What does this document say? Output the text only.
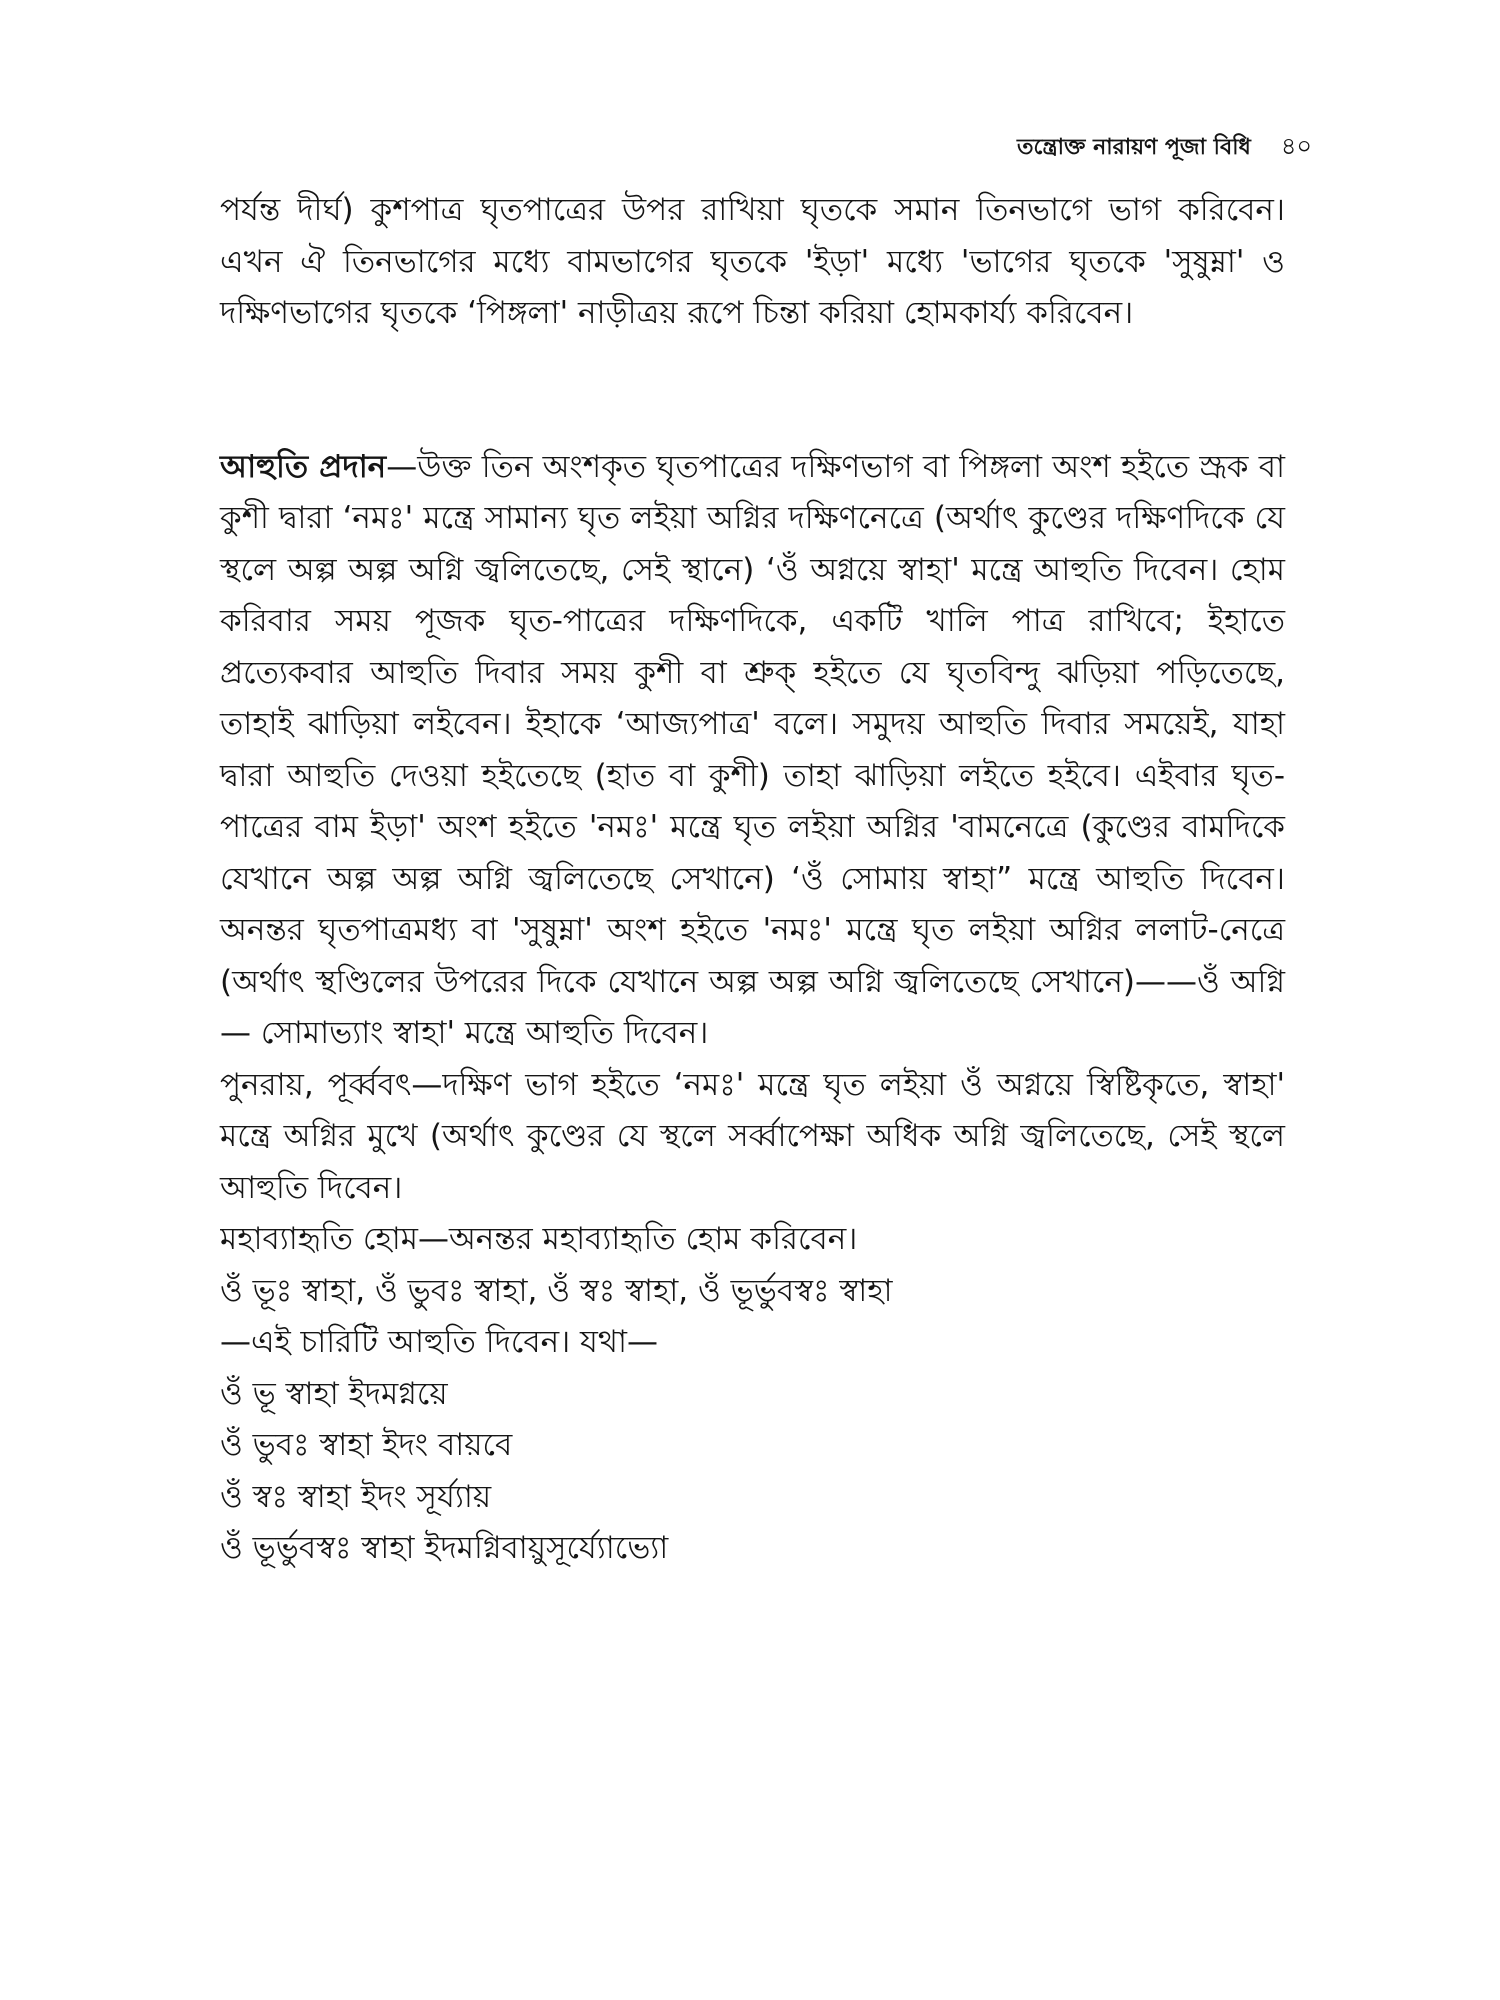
তন্ত্রোক্ত নারায়ণ পূজা বিধি ৪০

পর্যন্ত দীর্ঘ) কুশপাত্র ঘৃতপাত্রের উপর রাখিয়া ঘৃতকে সমান তিনভাগে ভাগ করিবেন। এখন ঐ তিনভাগের মধ্যে বামভাগের ঘৃতকে 'ইড়া' মধ্যে 'ভাগের ঘৃতকে 'সুষুম্না' ও দক্ষিণভাগের ঘৃতকে ‘পিঙ্গলা' নাড়ীত্রয় রূপে চিন্তা করিয়া হোমকার্য্য করিবেন।

আহুতি প্রদান—উক্ত তিন অংশকৃত ঘৃতপাত্রের দক্ষিণভাগ বা পিঙ্গলা অংশ হইতে স্রূক বা কুশী দ্বারা ‘নমঃ' মন্ত্রে সামান্য ঘৃত লইয়া অগ্নির দক্ষিণনেত্রে (অর্থাৎ কুণ্ডের দক্ষিণদিকে যে স্থলে অল্প অল্প অগ্নি জ্বলিতেছে, সেই স্থানে) ‘ওঁ অগ্নয়ে স্বাহা' মন্ত্রে আহুতি দিবেন। হোম করিবার সময় পূজক ঘৃত-পাত্রের দক্ষিণদিকে, একটি খালি পাত্র রাখিবে; ইহাতে প্রত্যেকবার আহুতি দিবার সময় কুশী বা শ্রুক্ হইতে যে ঘৃতবিন্দু ঝড়িয়া পড়িতেছে, তাহাই ঝাড়িয়া লইবেন। ইহাকে ‘আজ্যপাত্র' বলে। সমুদয় আহুতি দিবার সময়েই, যাহা দ্বারা আহুতি দেওয়া হইতেছে (হাত বা কুশী) তাহা ঝাড়িয়া লইতে হইবে। এইবার ঘৃত-পাত্রের বাম ইড়া' অংশ হইতে 'নমঃ' মন্ত্রে ঘৃত লইয়া অগ্নির 'বামনেত্রে (কুণ্ডের বামদিকে যেখানে অল্প অল্প অগ্নি জ্বলিতেছে সেখানে) ‘ওঁ সোমায় স্বাহা” মন্ত্রে আহুতি দিবেন। অনন্তর ঘৃতপাত্রমধ্য বা 'সুষুম্না' অংশ হইতে 'নমঃ' মন্ত্রে ঘৃত লইয়া অগ্নির ললাট-নেত্রে (অর্থাৎ স্থণ্ডিলের উপরের দিকে যেখানে অল্প অল্প অগ্নি জ্বলিতেছে সেখানে)——ওঁ অগ্নি— সোমাভ্যাং স্বাহা' মন্ত্রে আহুতি দিবেন।

পুনরায়, পূর্ব্ববৎ—দক্ষিণ ভাগ হইতে ‘নমঃ' মন্ত্রে ঘৃত লইয়া ওঁ অগ্নয়ে স্বিষ্টিকৃতে, স্বাহা' মন্ত্রে অগ্নির মুখে (অর্থাৎ কুণ্ডের যে স্থলে সর্ব্বাপেক্ষা অধিক অগ্নি জ্বলিতেছে, সেই স্থলে আহুতি দিবেন।

মহাব্যাহৃতি হোম—অনন্তর মহাব্যাহৃতি হোম করিবেন।
ওঁ ভূঃ স্বাহা, ওঁ ভুবঃ স্বাহা, ওঁ স্বঃ স্বাহা, ওঁ ভূর্ভুবস্বঃ স্বাহা
—এই চারিটি আহুতি দিবেন। যথা—
ওঁ ভূ স্বাহা ইদমগ্নয়ে
ওঁ ভুবঃ স্বাহা ইদং বায়বে
ওঁ স্বঃ স্বাহা ইদং সূর্য্যায়
ওঁ ভূর্ভুবস্বঃ স্বাহা ইদমগ্নিবায়ুসূর্য্যোভ্যো
